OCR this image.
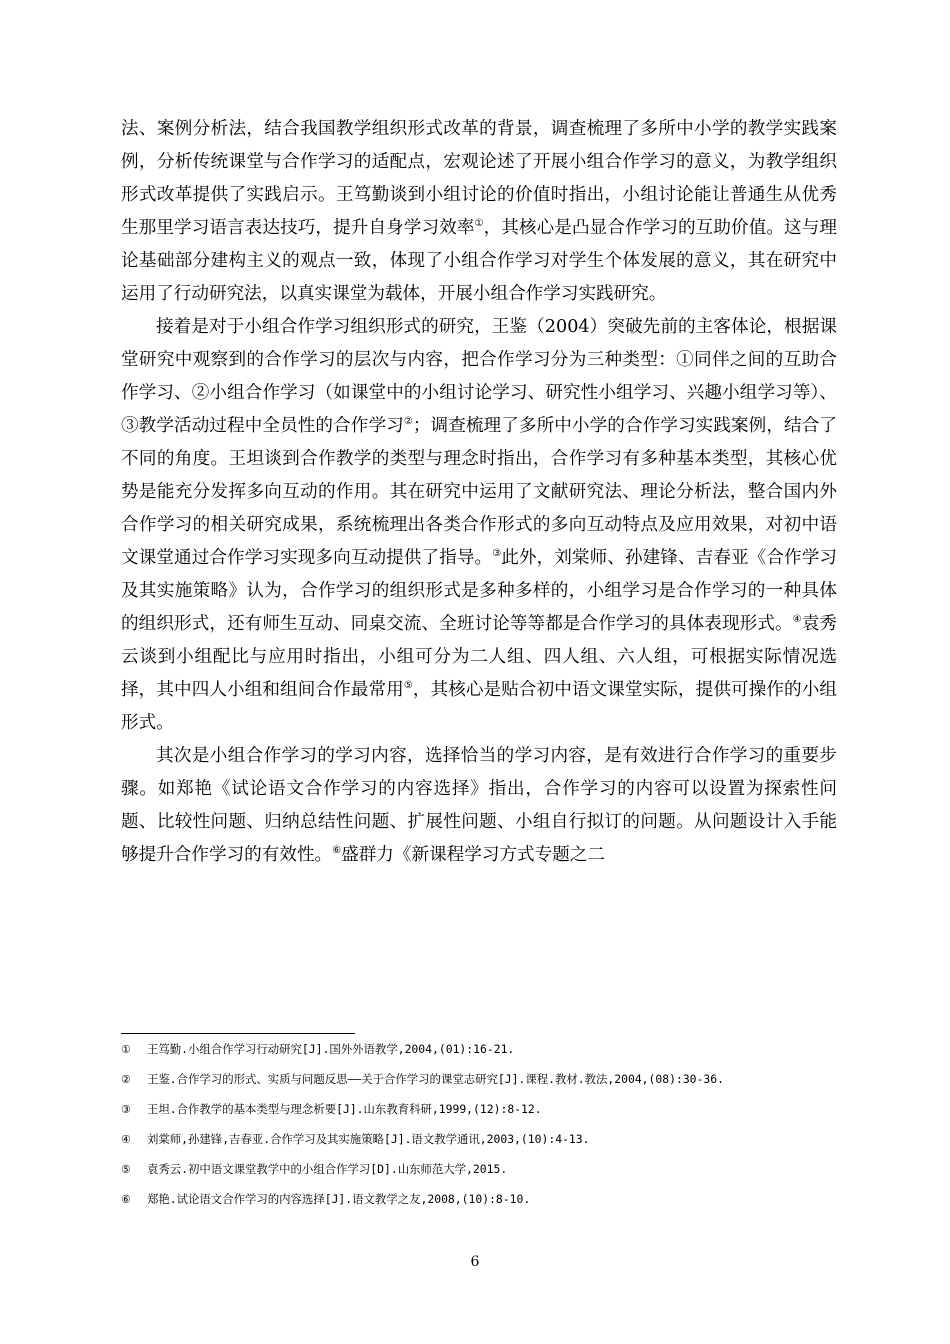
法、案例分析法，结合我国教学组织形式改革的背景，调查梳理了多所中小学的教学实践案例，分析传统课堂与合作学习的适配点，宏观论述了开展小组合作学习的意义，为教学组织形式改革提供了实践启示。王笃勤谈到小组讨论的价值时指出，小组讨论能让普通生从优秀生那里学习语言表达技巧，提升自身学习效率①，其核心是凸显合作学习的互助价值。这与理论基础部分建构主义的观点一致，体现了小组合作学习对学生个体发展的意义，其在研究中运用了行动研究法，以真实课堂为载体，开展小组合作学习实践研究。

接着是对于小组合作学习组织形式的研究，王鉴（2004）突破先前的主客体论，根据课堂研究中观察到的合作学习的层次与内容，把合作学习分为三种类型：①同伴之间的互助合作学习、②小组合作学习（如课堂中的小组讨论学习、研究性小组学习、兴趣小组学习等）、③教学活动过程中全员性的合作学习②；调查梳理了多所中小学的合作学习实践案例，结合了不同的角度。王坦谈到合作教学的类型与理念时指出，合作学习有多种基本类型，其核心优势是能充分发挥多向互动的作用。其在研究中运用了文献研究法、理论分析法，整合国内外合作学习的相关研究成果，系统梳理出各类合作形式的多向互动特点及应用效果，对初中语文课堂通过合作学习实现多向互动提供了指导。③此外，刘棠师、孙建锋、吉春亚《合作学习及其实施策略》认为，合作学习的组织形式是多种多样的，小组学习是合作学习的一种具体的组织形式，还有师生互动、同桌交流、全班讨论等等都是合作学习的具体表现形式。④袁秀云谈到小组配比与应用时指出，小组可分为二人组、四人组、六人组，可根据实际情况选择，其中四人小组和组间合作最常用⑤，其核心是贴合初中语文课堂实际，提供可操作的小组形式。

其次是小组合作学习的学习内容，选择恰当的学习内容，是有效进行合作学习的重要步骤。如郑艳《试论语文合作学习的内容选择》指出，合作学习的内容可以设置为探索性问题、比较性问题、归纳总结性问题、扩展性问题、小组自行拟订的问题。从问题设计入手能够提升合作学习的有效性。⑥盛群力《新课程学习方式专题之二

① 王笃勤.小组合作学习行动研究[J].国外外语教学,2004,(01):16-21.

② 王鉴.合作学习的形式、实质与问题反思——关于合作学习的课堂志研究[J].课程.教材.教法,2004,(08):30-36.

③ 王坦.合作教学的基本类型与理念析要[J].山东教育科研,1999,(12):8-12.

④ 刘棠师,孙建锋,吉春亚.合作学习及其实施策略[J].语文教学通讯,2003,(10):4-13.

⑤ 袁秀云.初中语文课堂教学中的小组合作学习[D].山东师范大学,2015.

⑥ 郑艳.试论语文合作学习的内容选择[J].语文教学之友,2008,(10):8-10.

6
